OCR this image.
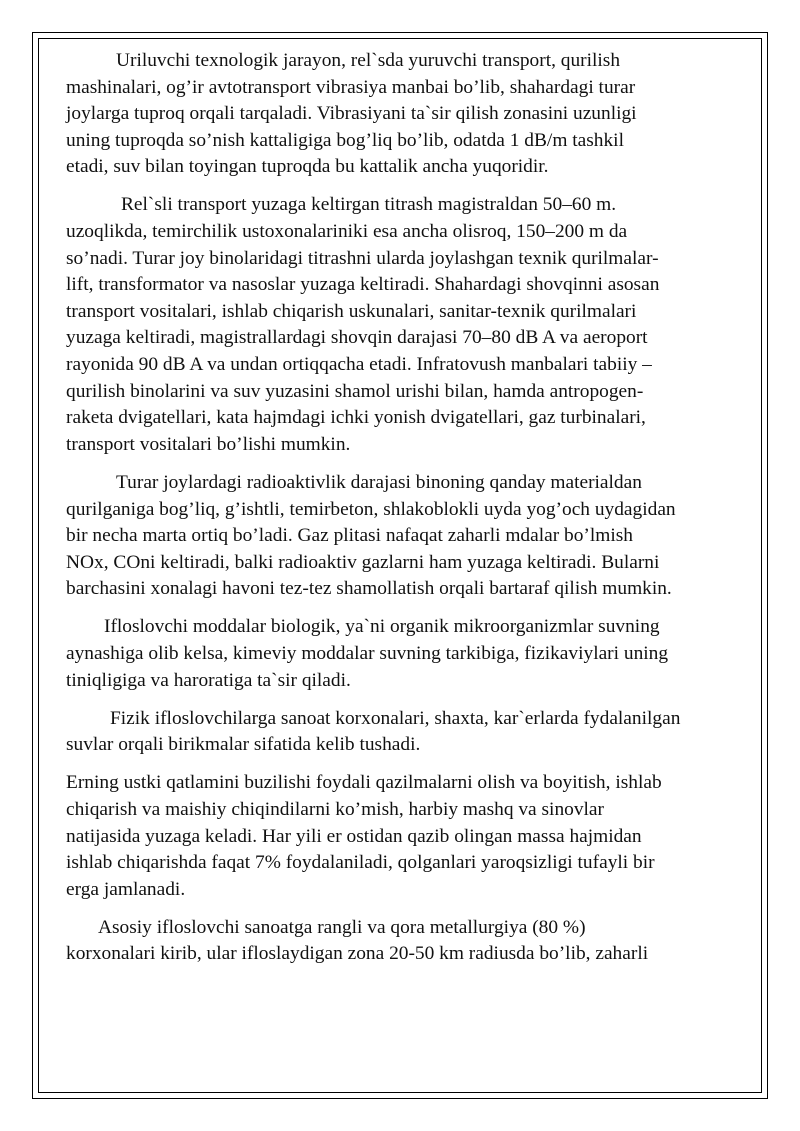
Uriluvchi texnologik jarayon, rel`sda yuruvchi transport, qurilish
mashinalari, og’ir avtotransport vibrasiya manbai bo’lib, shahardagi turar
joylarga tuproq orqali tarqaladi. Vibrasiyani ta`sir qilish zonasini uzunligi
uning tuproqda so’nish kattaligiga bog’liq bo’lib, odatda 1 dB/m tashkil
etadi, suv bilan toyingan tuproqda bu kattalik ancha yuqoridir.

Rel`sli transport yuzaga keltirgan titrash magistraldan 50–60 m.
uzoqlikda, temirchilik ustoxonalariniki esa ancha olisroq, 150–200 m da
so’nadi. Turar joy binolaridagi titrashni ularda joylashgan texnik qurilmalar-
lift, transformator va nasoslar yuzaga keltiradi. Shahardagi shovqinni asosan
transport vositalari, ishlab chiqarish uskunalari, sanitar-texnik qurilmalari
yuzaga keltiradi, magistrallardagi shovqin darajasi 70–80 dB A va aeroport
rayonida 90 dB A va undan ortiqqacha etadi. Infratovush manbalari tabiiy –
qurilish binolarini va suv yuzasini shamol urishi bilan, hamda antropogen-
raketa dvigatellari, kata hajmdagi ichki yonish dvigatellari, gaz turbinalari,
transport vositalari bo’lishi mumkin.

Turar joylardagi radioaktivlik darajasi binoning qanday materialdan
qurilganiga bog’liq, g’ishtli, temirbeton, shlakoblokli uyda yog’och uydagidan
bir necha marta ortiq bo’ladi. Gaz plitasi nafaqat zaharli mdalar bo’lmish
NOx, COni keltiradi, balki radioaktiv gazlarni ham yuzaga keltiradi. Bularni
barchasini xonalagi havoni tez-tez shamollatish orqali bartaraf qilish mumkin.

Ifloslovchi moddalar biologik, ya`ni organik mikroorganizmlar suvning
aynashiga olib kelsa, kimeviy moddalar suvning tarkibiga, fizikaviylari uning
tiniqligiga va haroratiga ta`sir qiladi.

Fizik ifloslovchilarga sanoat korxonalari, shaxta, kar`erlarda fydalanilgan
suvlar orqali birikmalar sifatida kelib tushadi.

Erning ustki qatlamini buzilishi foydali qazilmalarni olish va boyitish, ishlab
chiqarish va maishiy chiqindilarni ko’mish, harbiy mashq va sinovlar
natijasida yuzaga keladi. Har yili er ostidan qazib olingan massa hajmidan
ishlab chiqarishda faqat 7% foydalaniladi, qolganlari yaroqsizligi tufayli bir
erga jamlanadi.

Asosiy ifloslovchi sanoatga rangli va qora metallurgiya (80 %)
korxonalari kirib, ular ifloslaydigan zona 20-50 km radiusda bo’lib, zaharli
